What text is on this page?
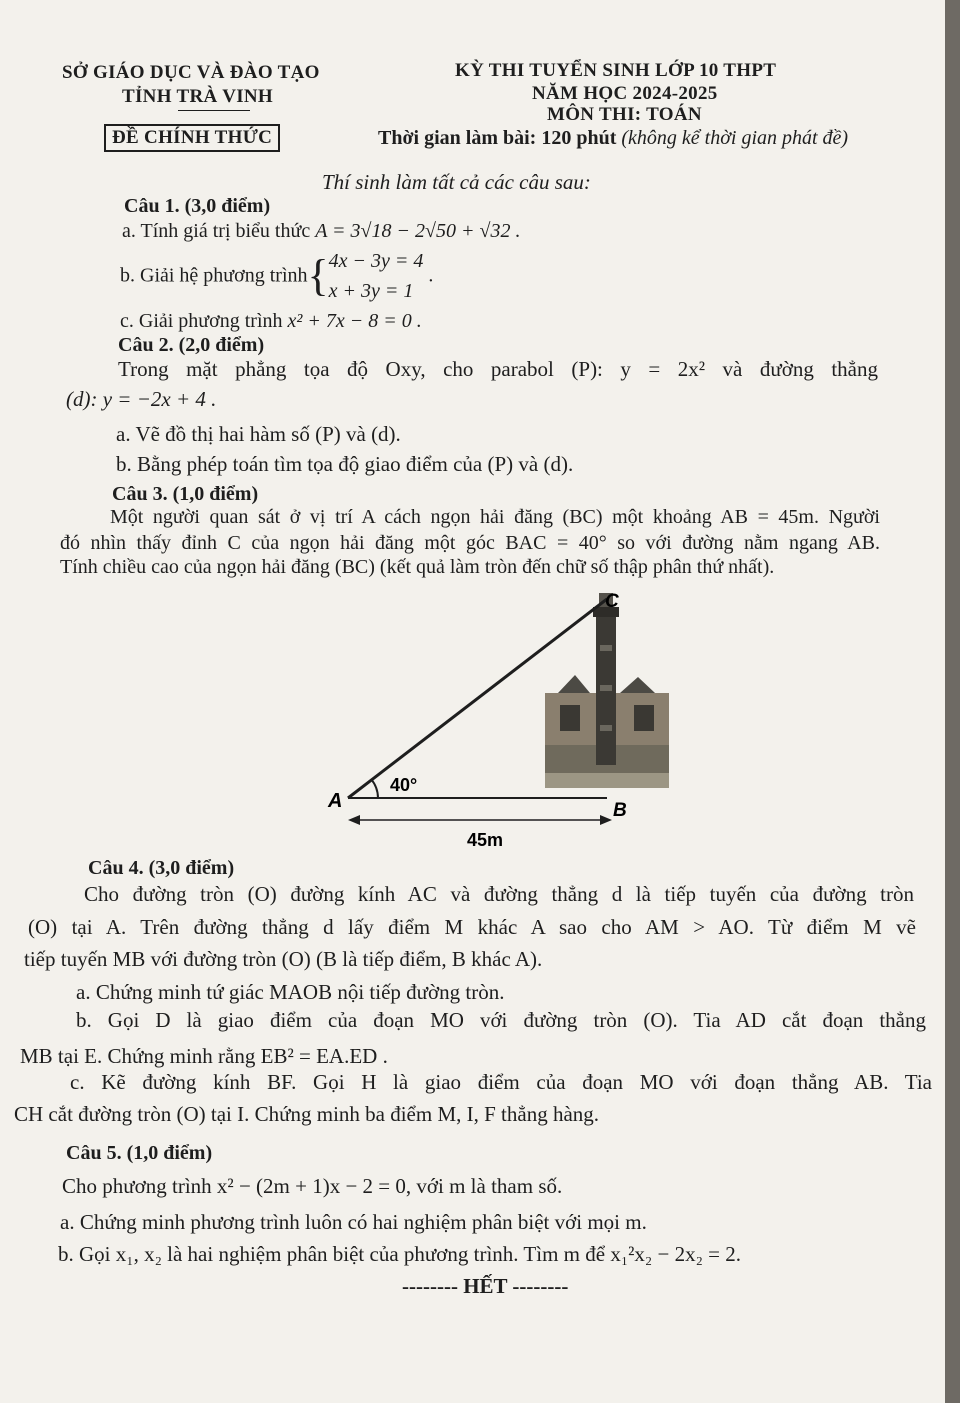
SỞ GIÁO DỤC VÀ ĐÀO TẠO
TỈNH TRÀ VINH
ĐỀ CHÍNH THỨC
KỲ THI TUYỂN SINH LỚP 10 THPT
NĂM HỌC 2024-2025
MÔN THI: TOÁN
Thời gian làm bài: 120 phút (không kể thời gian phát đề)
Thí sinh làm tất cả các câu sau:
Câu 1. (3,0 điểm)
a. Tính giá trị biểu thức A = 3√18 − 2√50 + √32 .
b. Giải hệ phương trình{4x − 3y = 4
x + 3y = 1 .
c. Giải phương trình x² + 7x − 8 = 0 .
Câu 2. (2,0 điểm)
Trong mặt phẳng tọa độ Oxy, cho parabol (P): y = 2x² và đường thẳng
(d): y = −2x + 4 .
a. Vẽ đồ thị hai hàm số (P) và (d).
b. Bằng phép toán tìm tọa độ giao điểm của (P) và (d).
Câu 3. (1,0 điểm)
Một người quan sát ở vị trí A cách ngọn hải đăng (BC) một khoảng AB = 45m. Người
đó nhìn thấy đỉnh C của ngọn hải đăng một góc BAC = 40° so với đường nằm ngang AB.
Tính chiều cao của ngọn hải đăng (BC) (kết quả làm tròn đến chữ số thập phân thứ nhất).
A	B
C
40°
45m
Câu 4. (3,0 điểm)
Cho đường tròn (O) đường kính AC và đường thẳng d là tiếp tuyến của đường tròn
(O) tại A. Trên đường thẳng d lấy điểm M khác A sao cho AM > AO. Từ điểm M vẽ
tiếp tuyến MB với đường tròn (O) (B là tiếp điểm, B khác A).
a. Chứng minh tứ giác MAOB nội tiếp đường tròn.
b. Gọi D là giao điểm của đoạn MO với đường tròn (O). Tia AD cắt đoạn thẳng
MB tại E. Chứng minh rằng EB² = EA.ED .
c. Kẽ đường kính BF. Gọi H là giao điểm của đoạn MO với đoạn thẳng AB. Tia
CH cắt đường tròn (O) tại I. Chứng minh ba điểm M, I, F thẳng hàng.
Câu 5. (1,0 điểm)
Cho phương trình x² − (2m + 1)x − 2 = 0, với m là tham số.
a. Chứng minh phương trình luôn có hai nghiệm phân biệt với mọi m.
b. Gọi x₁, x₂ là hai nghiệm phân biệt của phương trình. Tìm m để x₁²x₂ − 2x₂ = 2.
-------- HẾT --------
